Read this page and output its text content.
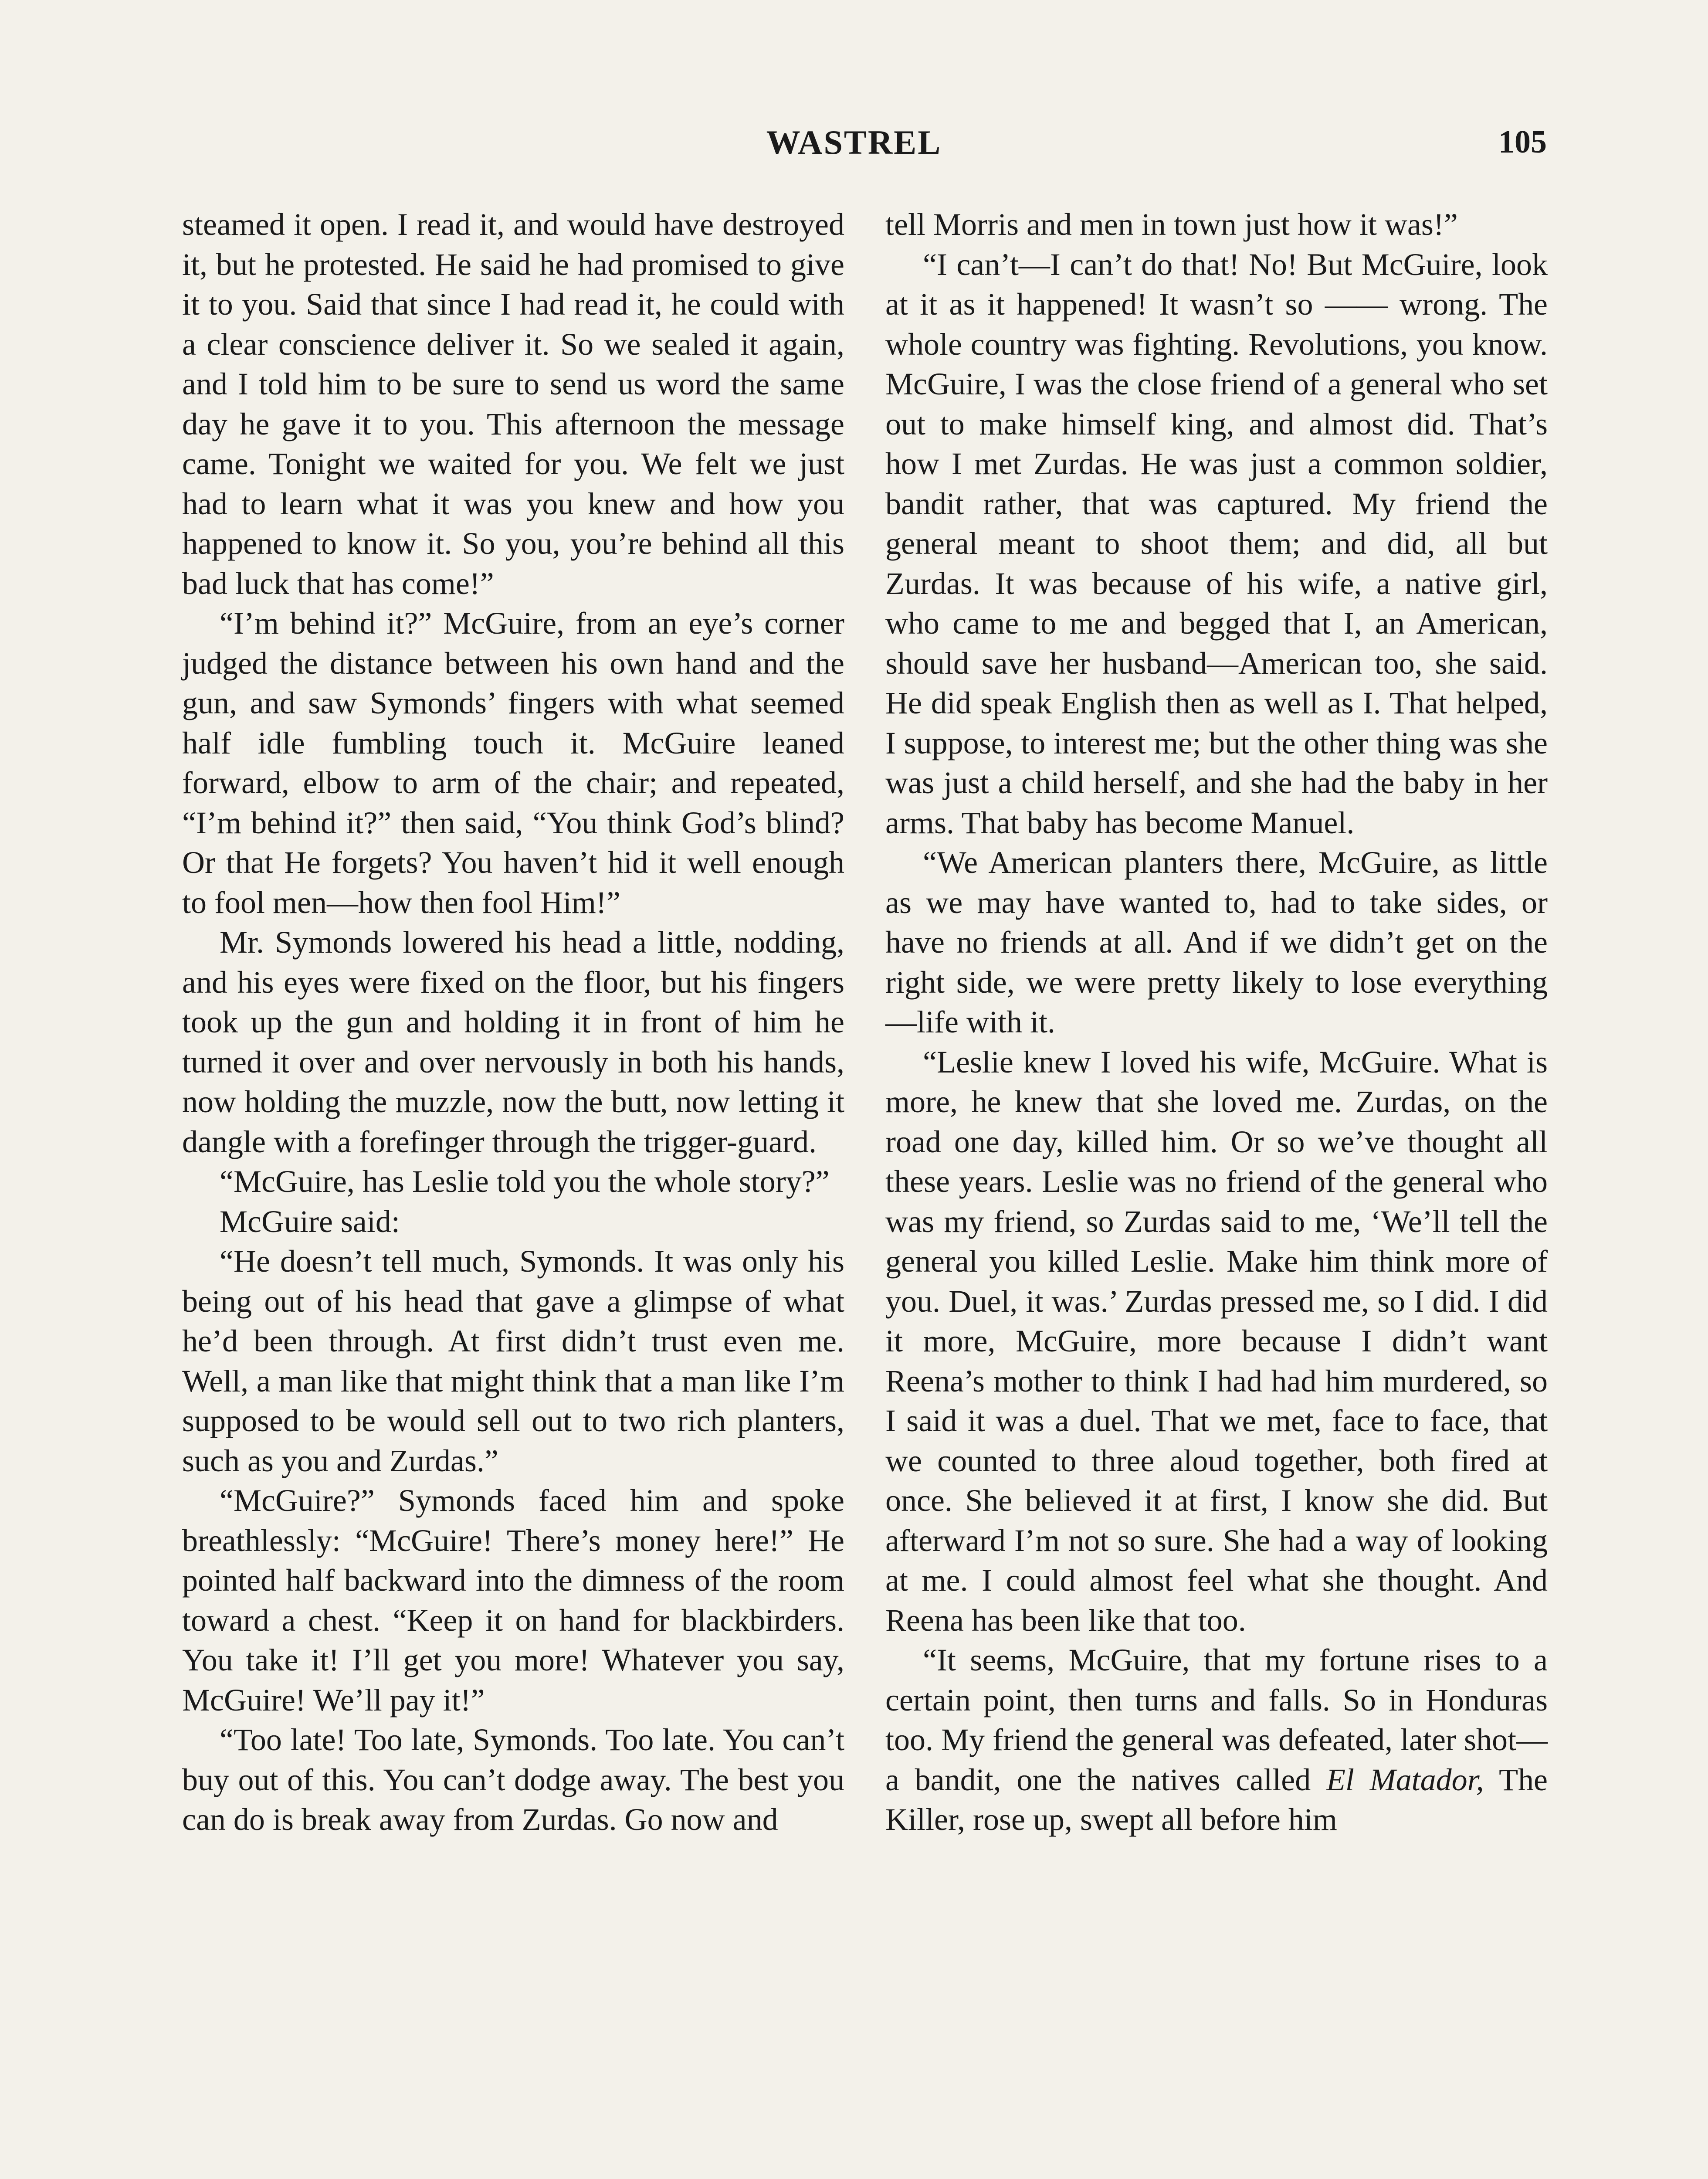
WASTREL	105

steamed it open. I read it, and would have destroyed it, but he protested. He said he had promised to give it to you. Said that since I had read it, he could with a clear conscience deliver it. So we sealed it again, and I told him to be sure to send us word the same day he gave it to you. This afternoon the message came. Tonight we waited for you. We felt we just had to learn what it was you knew and how you happened to know it. So you, you’re behind all this bad luck that has come!”

“I’m behind it?” McGuire, from an eye’s corner judged the distance between his own hand and the gun, and saw Symonds’ fingers with what seemed half idle fumbling touch it. McGuire leaned forward, elbow to arm of the chair; and repeated, “I’m behind it?” then said, “You think God’s blind? Or that He forgets? You haven’t hid it well enough to fool men—how then fool Him!”

Mr. Symonds lowered his head a little, nodding, and his eyes were fixed on the floor, but his fingers took up the gun and holding it in front of him he turned it over and over nervously in both his hands, now holding the muzzle, now the butt, now letting it dangle with a forefinger through the trigger-guard.

“McGuire, has Leslie told you the whole story?”

McGuire said:

“He doesn’t tell much, Symonds. It was only his being out of his head that gave a glimpse of what he’d been through. At first didn’t trust even me. Well, a man like that might think that a man like I’m supposed to be would sell out to two rich planters, such as you and Zurdas.”

“McGuire?” Symonds faced him and spoke breathlessly: “McGuire! There’s money here!” He pointed half backward into the dimness of the room toward a chest. “Keep it on hand for blackbirders. You take it! I’ll get you more! Whatever you say, McGuire! We’ll pay it!”

“Too late! Too late, Symonds. Too late. You can’t buy out of this. You can’t dodge away. The best you can do is break away from Zurdas. Go now and

tell Morris and men in town just how it was!”

“I can’t—I can’t do that! No! But McGuire, look at it as it happened! It wasn’t so —— wrong. The whole country was fighting. Revolutions, you know. McGuire, I was the close friend of a general who set out to make himself king, and almost did. That’s how I met Zurdas. He was just a common soldier, bandit rather, that was captured. My friend the general meant to shoot them; and did, all but Zurdas. It was because of his wife, a native girl, who came to me and begged that I, an American, should save her husband—American too, she said. He did speak English then as well as I. That helped, I suppose, to interest me; but the other thing was she was just a child herself, and she had the baby in her arms. That baby has become Manuel.

“We American planters there, McGuire, as little as we may have wanted to, had to take sides, or have no friends at all. And if we didn’t get on the right side, we were pretty likely to lose everything—life with it.

“Leslie knew I loved his wife, McGuire. What is more, he knew that she loved me. Zurdas, on the road one day, killed him. Or so we’ve thought all these years. Leslie was no friend of the general who was my friend, so Zurdas said to me, ‘We’ll tell the general you killed Leslie. Make him think more of you. Duel, it was.’ Zurdas pressed me, so I did. I did it more, McGuire, more because I didn’t want Reena’s mother to think I had had him murdered, so I said it was a duel. That we met, face to face, that we counted to three aloud together, both fired at once. She believed it at first, I know she did. But afterward I’m not so sure. She had a way of looking at me. I could almost feel what she thought. And Reena has been like that too.

“It seems, McGuire, that my fortune rises to a certain point, then turns and falls. So in Honduras too. My friend the general was defeated, later shot—a bandit, one the natives called El Matador, The Killer, rose up, swept all before him
